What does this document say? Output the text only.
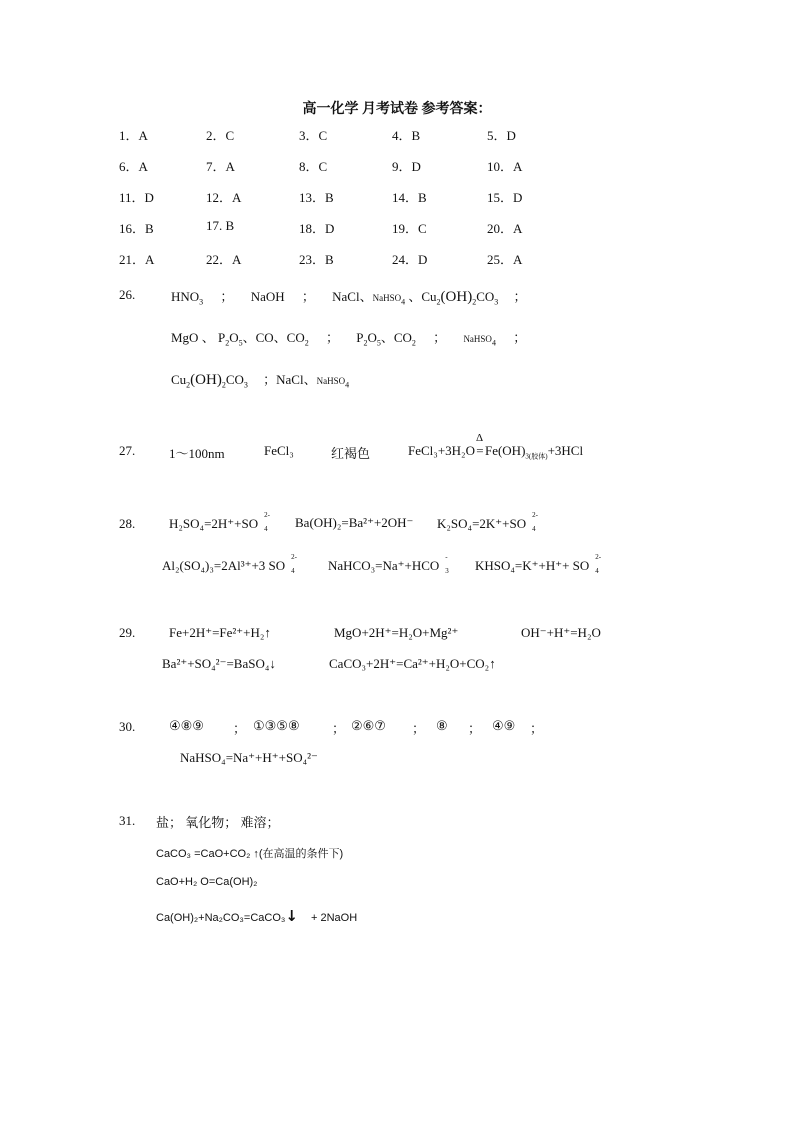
高一化学 月考试卷 参考答案：
1．A	2．C	3．C	4．B	5．D
6．A	7．A	8．C	9．D	10．A
11．D	12．A	13．B	14．B	15．D
16．B	17. B	18．D	19．C	20．A
21．A	22．A	23．B	24．D	25．A
26.	$HNO_3$ ； NaOH ； NaCl、NaHSO$_4$ 、$Cu_2(OH)_2CO_3$ ；
MgO 、 $P_2O_5$、CO、$CO_2$ ； $P_2O_5$、$CO_2$ ； NaHSO$_4$ ；
$Cu_2(OH)_2CO_3$ ；NaCl、NaHSO$_4$
27.	1～100nm	FeCl₃	红褐色	FeCl₃+3H₂O=
Δ
$Fe(OH)_{3(胶体)}+3HCl$
28.	H₂SO₄=2H⁺+SO
2-
4 Ba(OH)₂=Ba²⁺+2OH⁻ K₂SO₄=2K⁺+SO
2-
4
Al₂(SO₄)₃=2Al³⁺+3 SO
2-
4	NaHCO₃=Na⁺+HCO
-
3 KHSO₄=K⁺+H⁺+ SO
2-
4
29.	Fe+2H⁺=Fe²⁺+H₂↑	MgO+2H⁺=H₂O+Mg²⁺	OH⁻+H⁺=H₂O
Ba²⁺+SO₄²⁻=BaSO₄↓	CaCO₃+2H⁺=Ca²⁺+H₂O+CO₂↑
30.	④⑧⑨ ； ①③⑤⑧ ； ②⑥⑦ ； ⑧ ； ④⑨ ；
NaHSO₄=Na⁺+H⁺+SO₄²⁻
31. 盐； 氧化物； 难溶；
CaCO₃ =CaO+CO₂ ↑(在高温的条件下)
CaO+H₂ O=Ca(OH)₂
Ca(OH)₂+Na₂CO₃=CaCO₃↓ + 2NaOH
